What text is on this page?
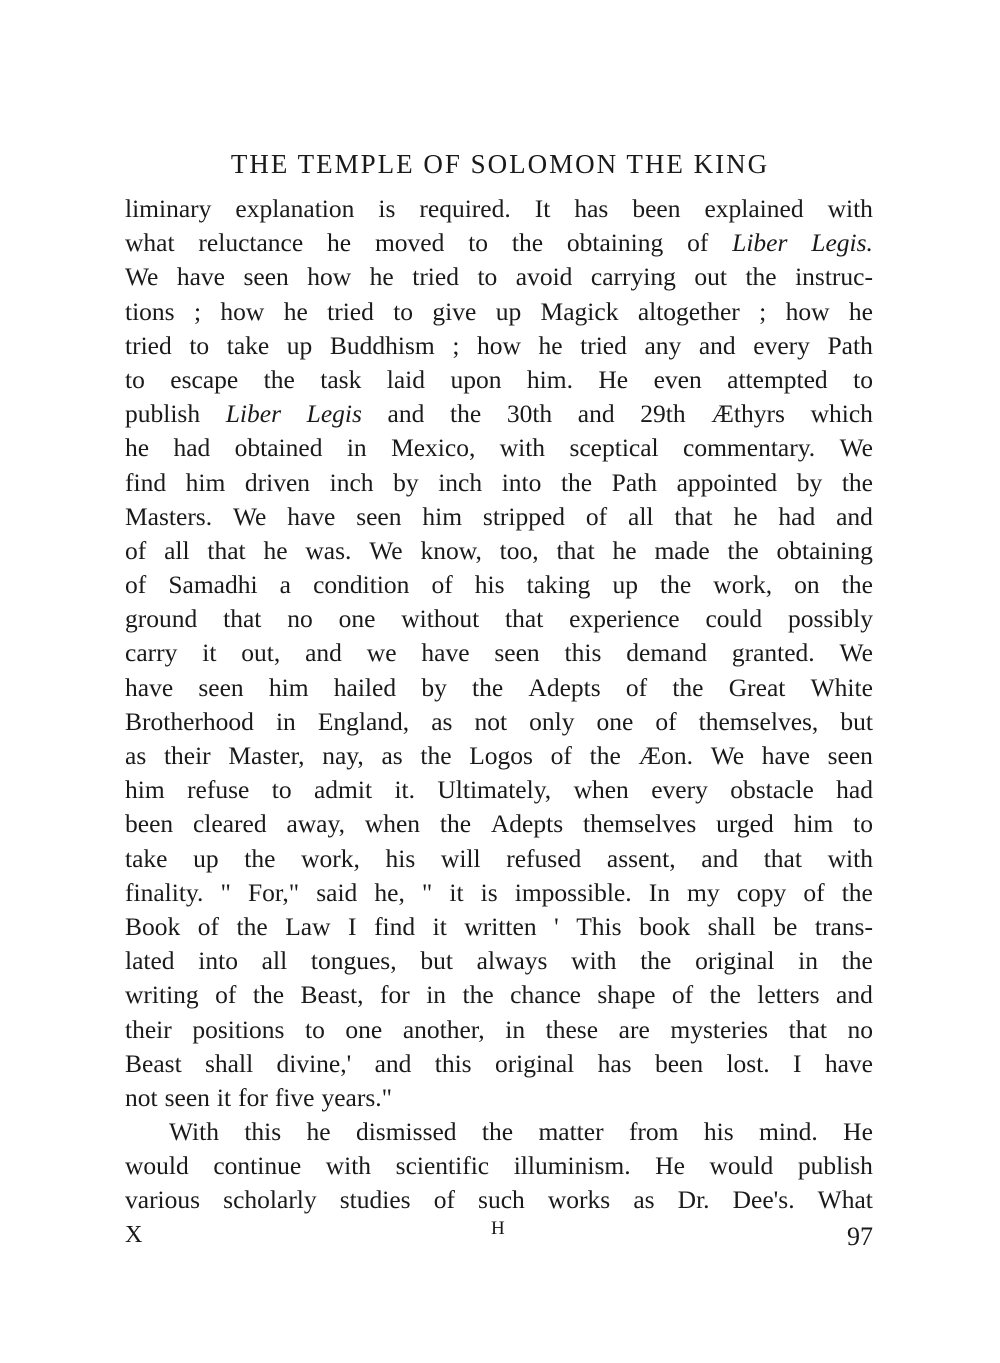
THE TEMPLE OF SOLOMON THE KING
liminary explanation is required. It has been explained with
what reluctance he moved to the obtaining of Liber Legis.
We have seen how he tried to avoid carrying out the instruc-
tions ; how he tried to give up Magick altogether ; how he
tried to take up Buddhism ; how he tried any and every Path
to escape the task laid upon him. He even attempted to
publish Liber Legis and the 30th and 29th Æthyrs which
he had obtained in Mexico, with sceptical commentary. We
find him driven inch by inch into the Path appointed by the
Masters. We have seen him stripped of all that he had and
of all that he was. We know, too, that he made the obtaining
of Samadhi a condition of his taking up the work, on the
ground that no one without that experience could possibly
carry it out, and we have seen this demand granted. We
have seen him hailed by the Adepts of the Great White
Brotherhood in England, as not only one of themselves, but
as their Master, nay, as the Logos of the Æon. We have seen
him refuse to admit it. Ultimately, when every obstacle had
been cleared away, when the Adepts themselves urged him to
take up the work, his will refused assent, and that with
finality. " For," said he, " it is impossible. In my copy of the
Book of the Law I find it written ' This book shall be trans-
lated into all tongues, but always with the original in the
writing of the Beast, for in the chance shape of the letters and
their positions to one another, in these are mysteries that no
Beast shall divine,' and this original has been lost. I have
not seen it for five years."
With this he dismissed the matter from his mind. He
would continue with scientific illuminism. He would publish
various scholarly studies of such works as Dr. Dee's. What
X	H	97
